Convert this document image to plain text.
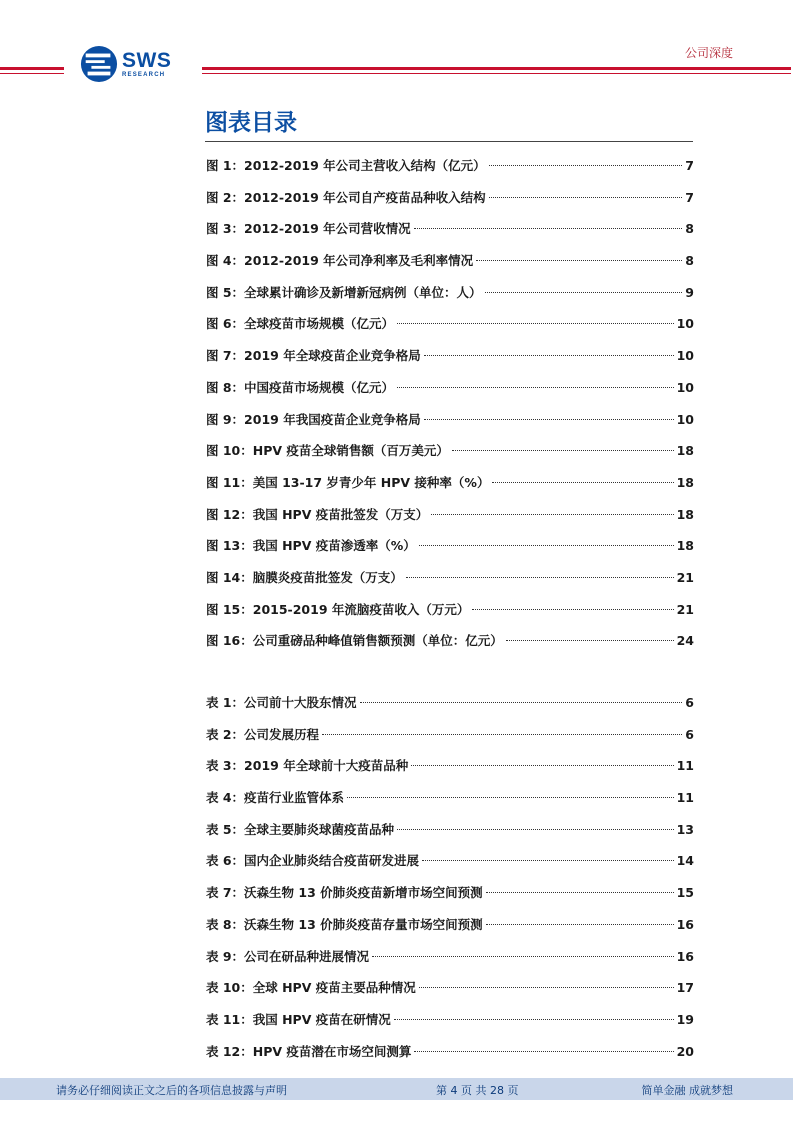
SWS
RESEARCH
公司深度
图表目录
图 1：2012-2019 年公司主营收入结构（亿元）	7
图 2：2012-2019 年公司自产疫苗品种收入结构	7
图 3：2012-2019 年公司营收情况	8
图 4：2012-2019 年公司净利率及毛利率情况	8
图 5：全球累计确诊及新增新冠病例（单位：人）	9
图 6：全球疫苗市场规模（亿元）	10
图 7：2019 年全球疫苗企业竞争格局	10
图 8：中国疫苗市场规模（亿元）	10
图 9：2019 年我国疫苗企业竞争格局	10
图 10：HPV 疫苗全球销售额（百万美元）	18
图 11：美国 13-17 岁青少年 HPV 接种率（%）	18
图 12：我国 HPV 疫苗批签发（万支）	18
图 13：我国 HPV 疫苗渗透率（%）	18
图 14：脑膜炎疫苗批签发（万支）	21
图 15：2015-2019 年流脑疫苗收入（万元）	21
图 16：公司重磅品种峰值销售额预测（单位：亿元）	24
表 1：公司前十大股东情况	6
表 2：公司发展历程	6
表 3：2019 年全球前十大疫苗品种	11
表 4：疫苗行业监管体系	11
表 5：全球主要肺炎球菌疫苗品种	13
表 6：国内企业肺炎结合疫苗研发进展	14
表 7：沃森生物 13 价肺炎疫苗新增市场空间预测	15
表 8：沃森生物 13 价肺炎疫苗存量市场空间预测	16
表 9：公司在研品种进展情况	16
表 10：全球 HPV 疫苗主要品种情况	17
表 11：我国 HPV 疫苗在研情况	19
表 12：HPV 疫苗潜在市场空间测算	20
请务必仔细阅读正文之后的各项信息披露与声明	第 4 页 共 28 页	简单金融 成就梦想
